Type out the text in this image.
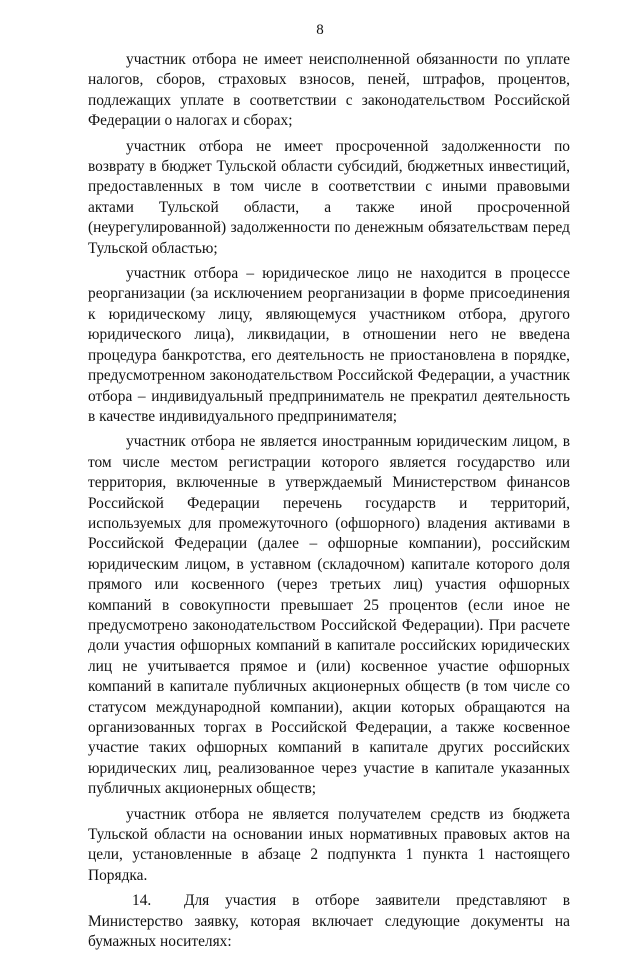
8

участник отбора не имеет неисполненной обязанности по уплате налогов, сборов, страховых взносов, пеней, штрафов, процентов, подлежащих уплате в соответствии с законодательством Российской Федерации о налогах и сборах;

участник отбора не имеет просроченной задолженности по возврату в бюджет Тульской области субсидий, бюджетных инвестиций, предоставленных в том числе в соответствии с иными правовыми актами Тульской области, а также иной просроченной (неурегулированной) задолженности по денежным обязательствам перед Тульской областью;

участник отбора – юридическое лицо не находится в процессе реорганизации (за исключением реорганизации в форме присоединения к юридическому лицу, являющемуся участником отбора, другого юридического лица), ликвидации, в отношении него не введена процедура банкротства, его деятельность не приостановлена в порядке, предусмотренном законодательством Российской Федерации, а участник отбора – индивидуальный предприниматель не прекратил деятельность в качестве индивидуального предпринимателя;

участник отбора не является иностранным юридическим лицом, в том числе местом регистрации которого является государство или территория, включенные в утверждаемый Министерством финансов Российской Федерации перечень государств и территорий, используемых для промежуточного (офшорного) владения активами в Российской Федерации (далее – офшорные компании), российским юридическим лицом, в уставном (складочном) капитале которого доля прямого или косвенного (через третьих лиц) участия офшорных компаний в совокупности превышает 25 процентов (если иное не предусмотрено законодательством Российской Федерации). При расчете доли участия офшорных компаний в капитале российских юридических лиц не учитывается прямое и (или) косвенное участие офшорных компаний в капитале публичных акционерных обществ (в том числе со статусом международной компании), акции которых обращаются на организованных торгах в Российской Федерации, а также косвенное участие таких офшорных компаний в капитале других российских юридических лиц, реализованное через участие в капитале указанных публичных акционерных обществ;

участник отбора не является получателем средств из бюджета Тульской области на основании иных нормативных правовых актов на цели, установленные в абзаце 2 подпункта 1 пункта 1 настоящего Порядка.

14. Для участия в отборе заявители представляют в Министерство заявку, которая включает следующие документы на бумажных носителях:
